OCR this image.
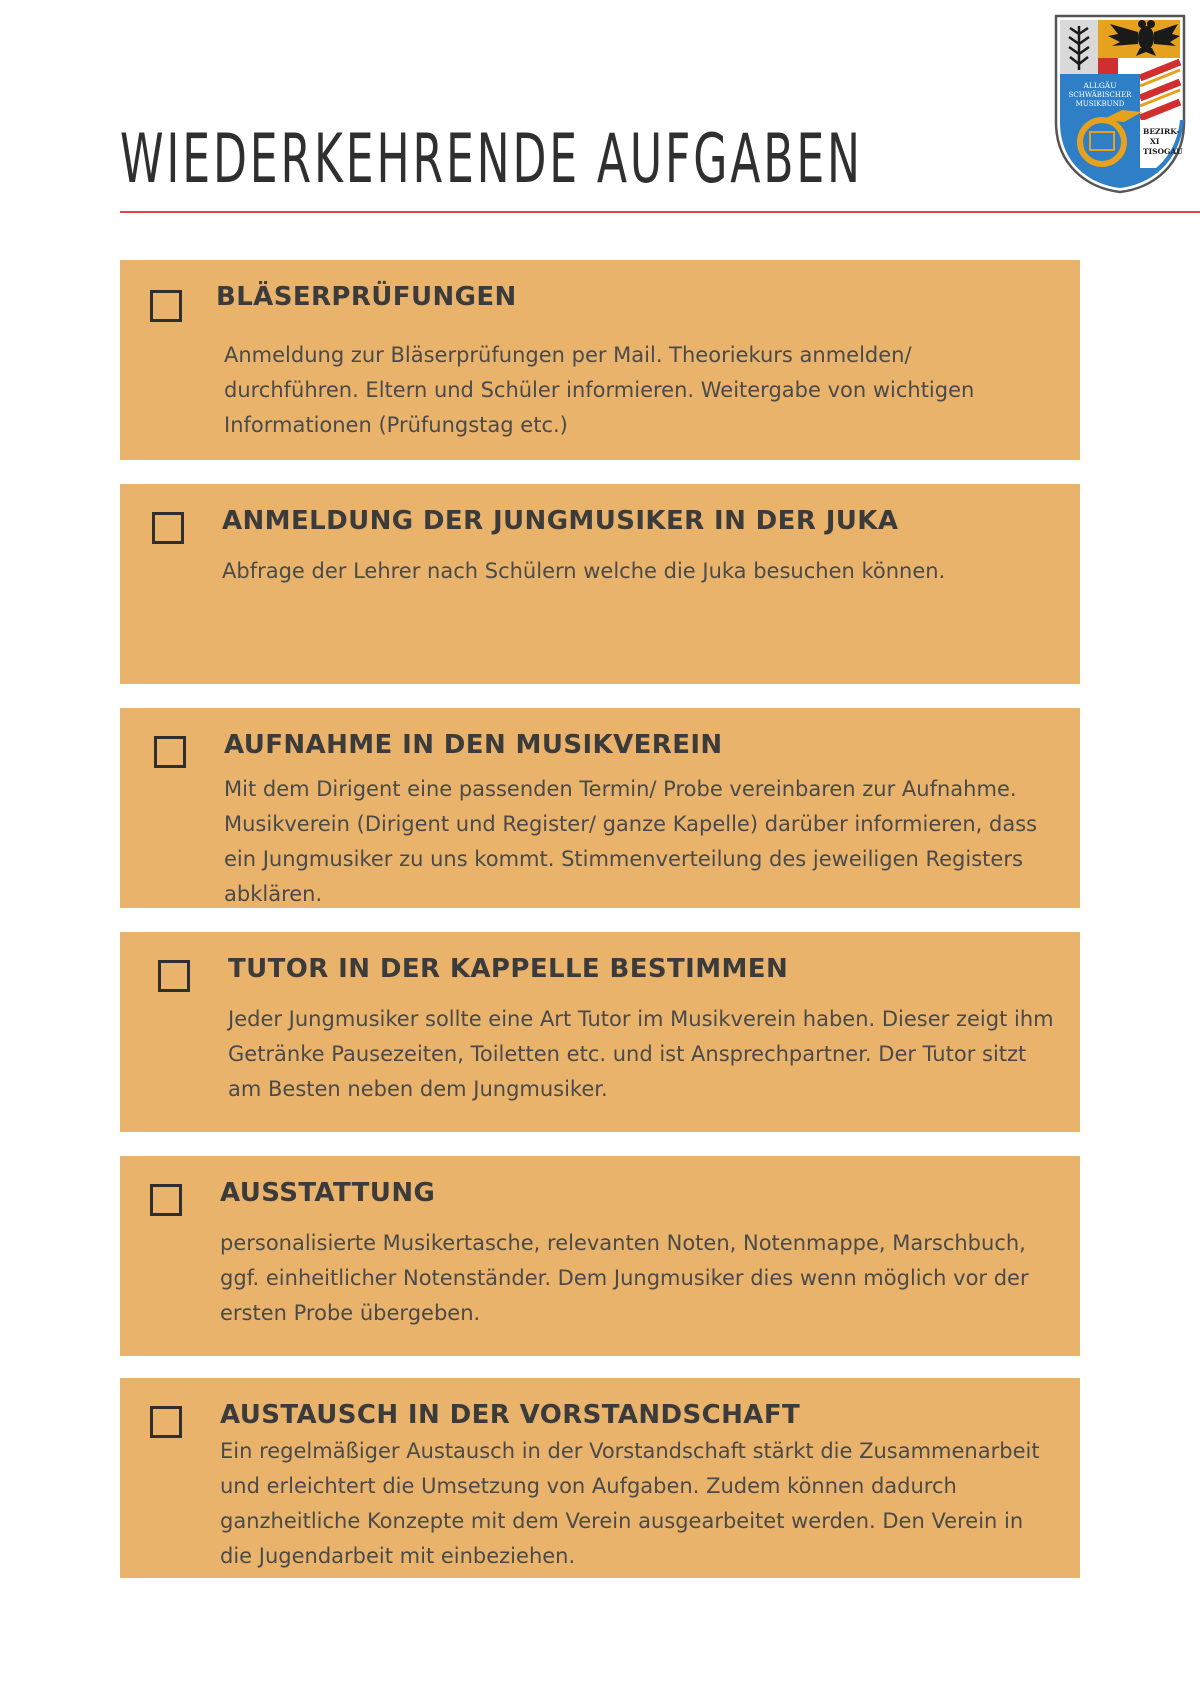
WIEDERKEHRENDE AUFGABEN
ALLGÄU
SCHWÄBISCHER
MUSIKBUND
BEZIRK-
XI
TISOGAU
BLÄSERPRÜFUNGEN

Anmeldung zur Bläserprüfungen per Mail. Theoriekurs anmelden/ durchführen. Eltern und Schüler informieren. Weitergabe von wichtigen Informationen (Prüfungstag etc.)

ANMELDUNG DER JUNGMUSIKER IN DER JUKA

Abfrage der Lehrer nach Schülern welche die Juka besuchen können.

AUFNAHME IN DEN MUSIKVEREIN

Mit dem Dirigent eine passenden Termin/ Probe vereinbaren zur Aufnahme. Musikverein (Dirigent und Register/ ganze Kapelle) darüber informieren, dass ein Jungmusiker zu uns kommt. Stimmenverteilung des jeweiligen Registers abklären.

TUTOR IN DER KAPPELLE BESTIMMEN

Jeder Jungmusiker sollte eine Art Tutor im Musikverein haben. Dieser zeigt ihm Getränke Pausezeiten, Toiletten etc. und ist Ansprechpartner. Der Tutor sitzt am Besten neben dem Jungmusiker.

AUSSTATTUNG

personalisierte Musikertasche, relevanten Noten, Notenmappe, Marschbuch, ggf. einheitlicher Notenständer. Dem Jungmusiker dies wenn möglich vor der ersten Probe übergeben.

AUSTAUSCH IN DER VORSTANDSCHAFT

Ein regelmäßiger Austausch in der Vorstandschaft stärkt die Zusammenarbeit und erleichtert die Umsetzung von Aufgaben. Zudem können dadurch ganzheitliche Konzepte mit dem Verein ausgearbeitet werden. Den Verein in die Jugendarbeit mit einbeziehen.
